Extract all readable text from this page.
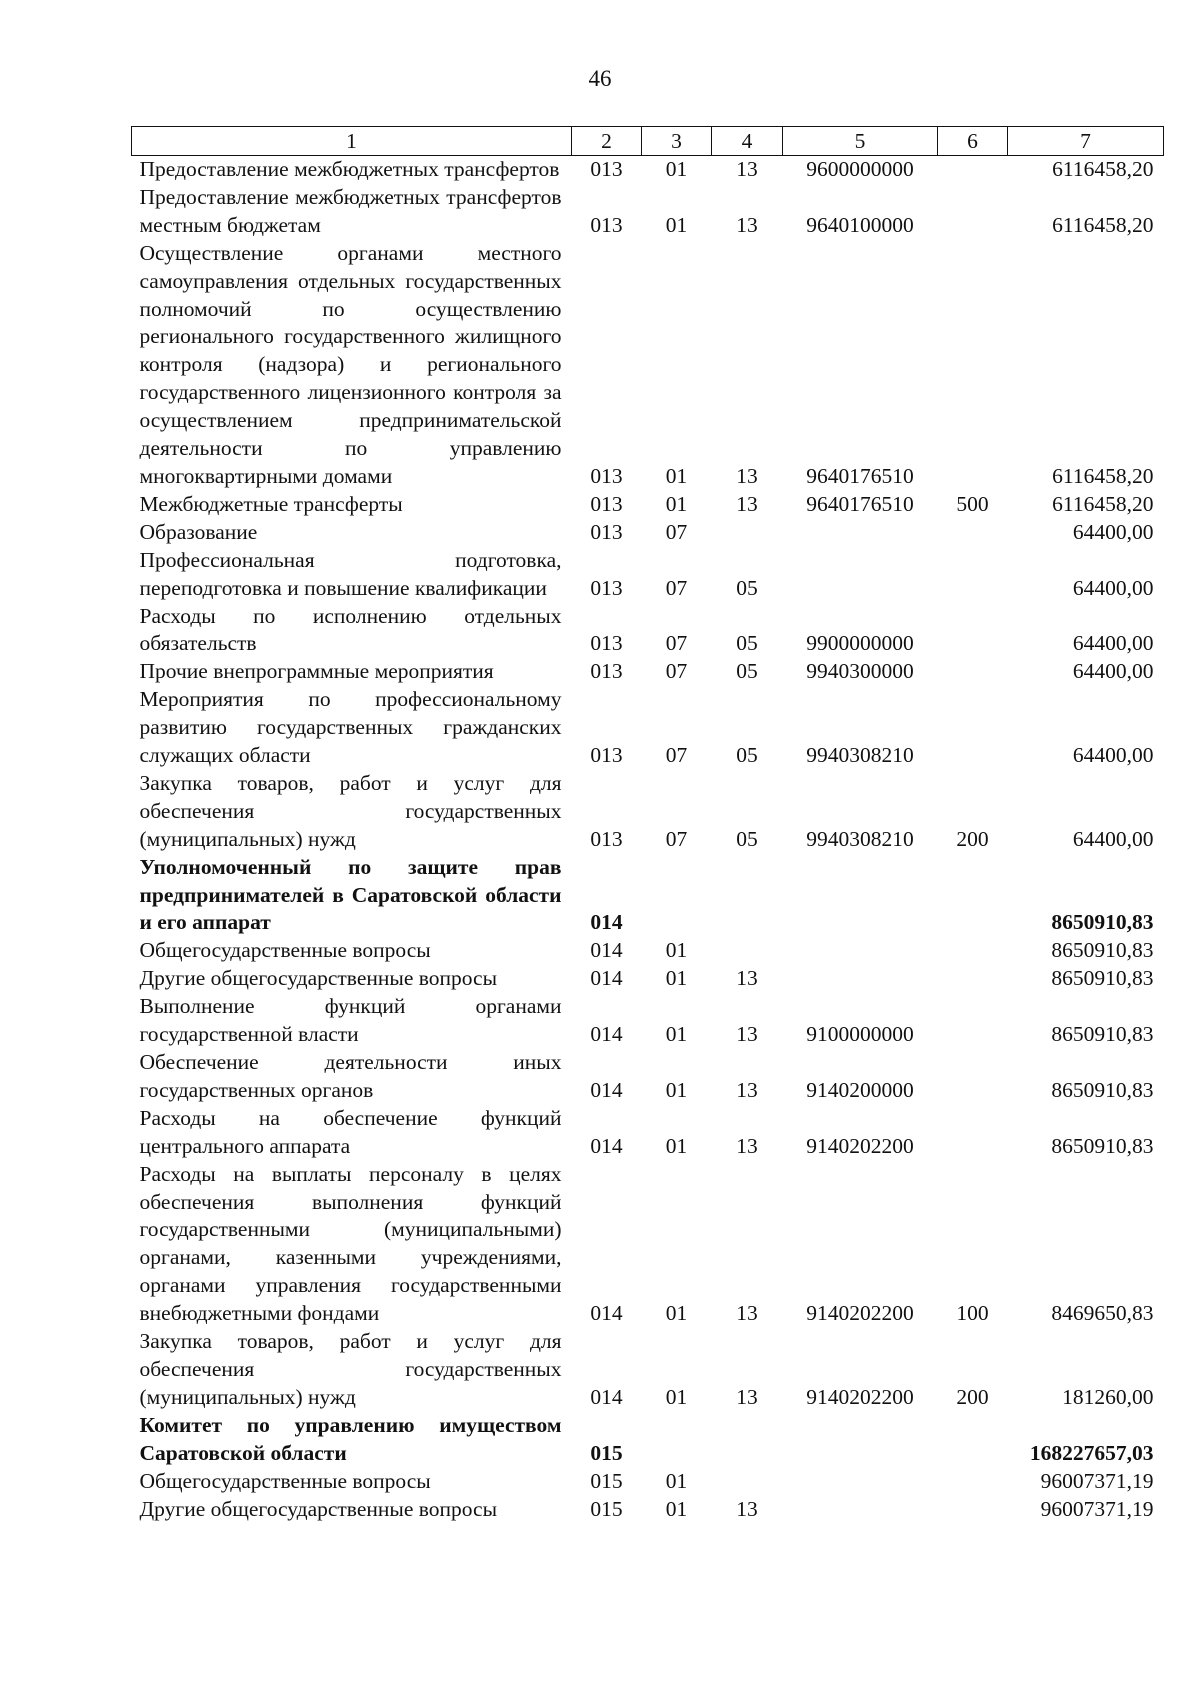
46
1	2	3	4	5	6	7
Предоставление межбюджетных трансфертов	013	01	13	9600000000		6116458,20
Предоставление межбюджетных трансфертов местным бюджетам	013	01	13	9640100000		6116458,20
Осуществление органами местного самоуправления отдельных государственных полномочий по осуществлению регионального государственного жилищного контроля (надзора) и регионального государственного лицензионного контроля за осуществлением предпринимательской деятельности по управлению многоквартирными домами	013	01	13	9640176510		6116458,20
Межбюджетные трансферты	013	01	13	9640176510	500	6116458,20
Образование	013	07				64400,00
Профессиональная подготовка, переподготовка и повышение квалификации	013	07	05			64400,00
Расходы по исполнению отдельных обязательств	013	07	05	9900000000		64400,00
Прочие внепрограммные мероприятия	013	07	05	9940300000		64400,00
Мероприятия по профессиональному развитию государственных гражданских служащих области	013	07	05	9940308210		64400,00
Закупка товаров, работ и услуг для обеспечения государственных (муниципальных) нужд	013	07	05	9940308210	200	64400,00
Уполномоченный по защите прав предпринимателей в Саратовской области и его аппарат	014					8650910,83
Общегосударственные вопросы	014	01				8650910,83
Другие общегосударственные вопросы	014	01	13			8650910,83
Выполнение функций органами государственной власти	014	01	13	9100000000		8650910,83
Обеспечение деятельности иных государственных органов	014	01	13	9140200000		8650910,83
Расходы на обеспечение функций центрального аппарата	014	01	13	9140202200		8650910,83
Расходы на выплаты персоналу в целях обеспечения выполнения функций государственными (муниципальными) органами, казенными учреждениями, органами управления государственными внебюджетными фондами	014	01	13	9140202200	100	8469650,83
Закупка товаров, работ и услуг для обеспечения государственных (муниципальных) нужд	014	01	13	9140202200	200	181260,00
Комитет по управлению имуществом Саратовской области	015					168227657,03
Общегосударственные вопросы	015	01				96007371,19
Другие общегосударственные вопросы	015	01	13			96007371,19
